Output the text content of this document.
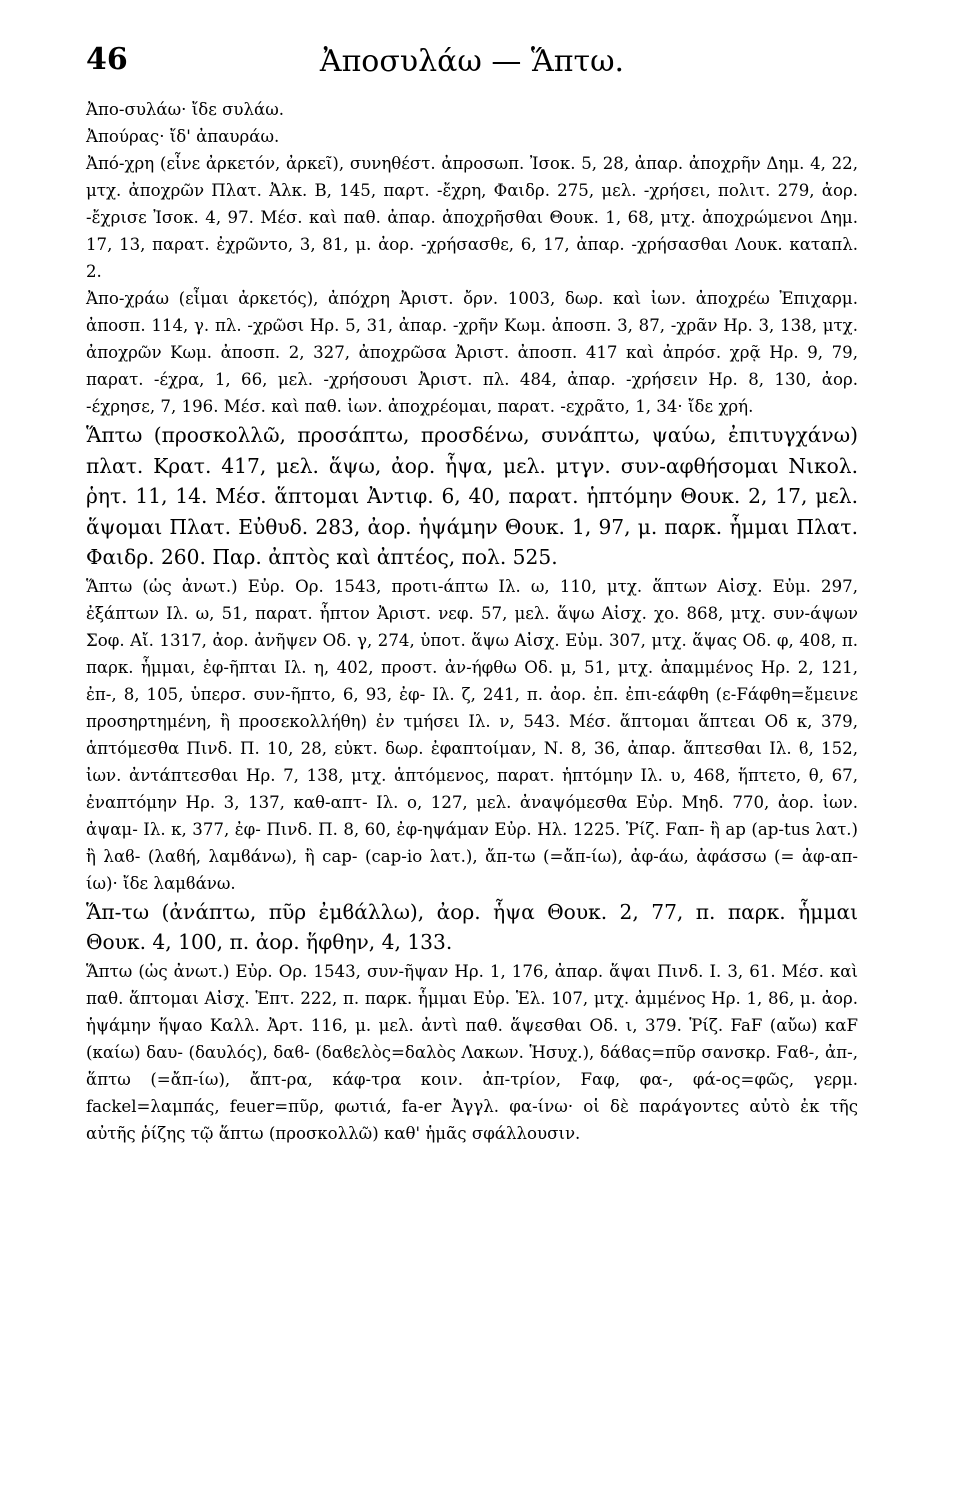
46	Ἀποσυλάω — Ἅπτω.

Ἀπο-συλάω· ἴδε συλάω.

Ἀπούρας· ἴδ' ἀπαυράω.

Ἀπό-χρη (εἶνε ἀρκετόν, ἀρκεῖ), συνηθέστ. ἀπροσωπ. Ἰσοκ. 5, 28, ἀπαρ. ἀποχρῆν Δημ. 4, 22, μτχ. ἀποχρῶν Πλατ. Ἀλκ. Β, 145, παρτ. -ἔχρη, Φαιδρ. 275, μελ. -χρήσει, πολιτ. 279, ἀορ. -ἔχρισε Ἰσοκ. 4, 97. Μέσ. καὶ παθ. ἀπαρ. ἀποχρῆσθαι Θουκ. 1, 68, μτχ. ἀποχρώμενοι Δημ. 17, 13, παρατ. ἐχρῶντο, 3, 81, μ. ἀορ. -χρήσασθε, 6, 17, ἀπαρ. -χρήσασθαι Λουκ. καταπλ. 2.

Ἀπο-χράω (εἶμαι ἀρκετός), ἀπόχρη Ἀριστ. ὄρν. 1003, δωρ. καὶ ἰων. ἀποχρέω Ἐπιχαρμ. ἀποσπ. 114, γ. πλ. -χρῶσι Ηρ. 5, 31, ἀπαρ. -χρῆν Κωμ. ἀποσπ. 3, 87, -χρᾶν Ηρ. 3, 138, μτχ. ἀποχρῶν Κωμ. ἀποσπ. 2, 327, ἀποχρῶσα Ἀριστ. ἀποσπ. 417 καὶ ἀπρόσ. χρᾷ Ηρ. 9, 79, παρατ. -έχρα, 1, 66, μελ. -χρήσουσι Ἀριστ. πλ. 484, ἀπαρ. -χρήσειν Ηρ. 8, 130, ἀορ. -έχρησε, 7, 196. Μέσ. καὶ παθ. ἰων. ἀποχρέομαι, παρατ. -εχρᾶτο, 1, 34· ἴδε χρή.

Ἅπτω (προσκολλῶ, προσάπτω, προσδένω, συνάπτω, ψαύω, ἐπιτυγχάνω) πλατ. Κρατ. 417, μελ. ἅψω, ἀορ. ἧψα, μελ. μτγν. συν-αφθήσομαι Νικολ. ῥητ. 11, 14. Μέσ. ἅπτομαι Ἀντιφ. 6, 40, παρατ. ἡπτόμην Θουκ. 2, 17, μελ. ἅψομαι Πλατ. Εὐθυδ. 283, ἀορ. ἡψάμην Θουκ. 1, 97, μ. παρκ. ἧμμαι Πλατ. Φαιδρ. 260. Παρ. ἀπτὸς καὶ ἀπτέος, πολ. 525.

Ἅπτω (ὡς ἀνωτ.) Εὐρ. Ορ. 1543, προτι-άπτω Ιλ. ω, 110, μτχ. ἅπτων Αἰσχ. Εὐμ. 297, ἐξάπτων Ιλ. ω, 51, παρατ. ἧπτον Ἀριστ. νεφ. 57, μελ. ἅψω Αἰσχ. χο. 868, μτχ. συν-άψων Σοφ. Αἴ. 1317, ἀορ. ἀνῆψεν Οδ. γ, 274, ὑποτ. ἅψω Αἰσχ. Εὐμ. 307, μτχ. ἅψας Οδ. φ, 408, π. παρκ. ἧμμαι, ἐφ-ῆπται Ιλ. η, 402, προστ. ἀν-ήφθω Οδ. μ, 51, μτχ. ἀπαμμένος Ηρ. 2, 121, ἐπ-, 8, 105, ὑπερσ. συν-ῆπτο, 6, 93, ἐφ- Ιλ. ζ, 241, π. ἀορ. ἐπ. ἐπι-εάφθη (ε-Fάφθη=ἔμεινε προσηρτημένη, ἢ προσεκολλήθη) ἐν τμήσει Ιλ. ν, 543. Μέσ. ἅπτομαι ἅπτεαι Οδ κ, 379, ἁπτόμεσθα Πινδ. Π. 10, 28, εὐκτ. δωρ. ἐφαπτοίμαν, Ν. 8, 36, ἀπαρ. ἅπτεσθαι Ιλ. ϐ, 152, ἰων. ἀντάπτεσθαι Ηρ. 7, 138, μτχ. ἁπτόμενος, παρατ. ἡπτόμην Ιλ. υ, 468, ἥπτετο, θ, 67, ἐναπτόμην Ηρ. 3, 137, καθ-απτ- Ιλ. ο, 127, μελ. ἀναψόμεσθα Εὐρ. Μηδ. 770, ἀορ. ἰων. ἀψαμ- Ιλ. κ, 377, ἐφ- Πινδ. Π. 8, 60, ἐφ-ηψάμαν Εὐρ. Ηλ. 1225. Ῥίζ. Fαπ- ἢ ap (ap-tus λατ.) ἢ λαϐ- (λαϐή, λαμϐάνω), ἢ cap- (cap-io λατ.), ἄπ-τω (=ἄπ-ίω), ἀφ-άω, ἀφάσσω (= ἀφ-απ-ίω)· ἴδε λαμϐάνω.

Ἅπ-τω (ἀνάπτω, πῦρ ἐμϐάλλω), ἀορ. ἧψα Θουκ. 2, 77, π. παρκ. ἧμμαι Θουκ. 4, 100, π. ἀορ. ἥφθην, 4, 133.

Ἅπτω (ὡς ἀνωτ.) Εὐρ. Ορ. 1543, συν-ῆψαν Ηρ. 1, 176, ἀπαρ. ἅψαι Πινδ. Ι. 3, 61. Μέσ. καὶ παθ. ἅπτομαι Αἰσχ. Ἑπτ. 222, π. παρκ. ἧμμαι Εὐρ. Ἑλ. 107, μτχ. ἀμμένος Ηρ. 1, 86, μ. ἀορ. ἡψάμην ἥψαο Καλλ. Ἀρτ. 116, μ. μελ. ἀντὶ παθ. ἅψεσθαι Οδ. ι, 379. Ῥίζ. FaF (αὔω) καF (καίω) δαυ- (δαυλός), δαϐ- (δαϐελὸς=δαλὸς Λακων. Ἡσυχ.), δάϐας=πῦρ σανσκρ. Fαϐ-, ἀπ-, ἅπτω (=ἄπ-ίω), ἄπτ-ρα, κάφ-τρα κοιν. ἀπ-τρίον, Fαφ, φα-, φά-ος=φῶς, γερμ. fackel=λαμπάς, feuer=πῦρ, φωτιά, fa-er Ἀγγλ. φα-ίνω· οἱ δὲ παράγοντες αὐτὸ ἐκ τῆς αὐτῆς ῥίζης τῷ ἅπτω (προσκολλῶ) καθ' ἡμᾶς σφάλλουσιν.
